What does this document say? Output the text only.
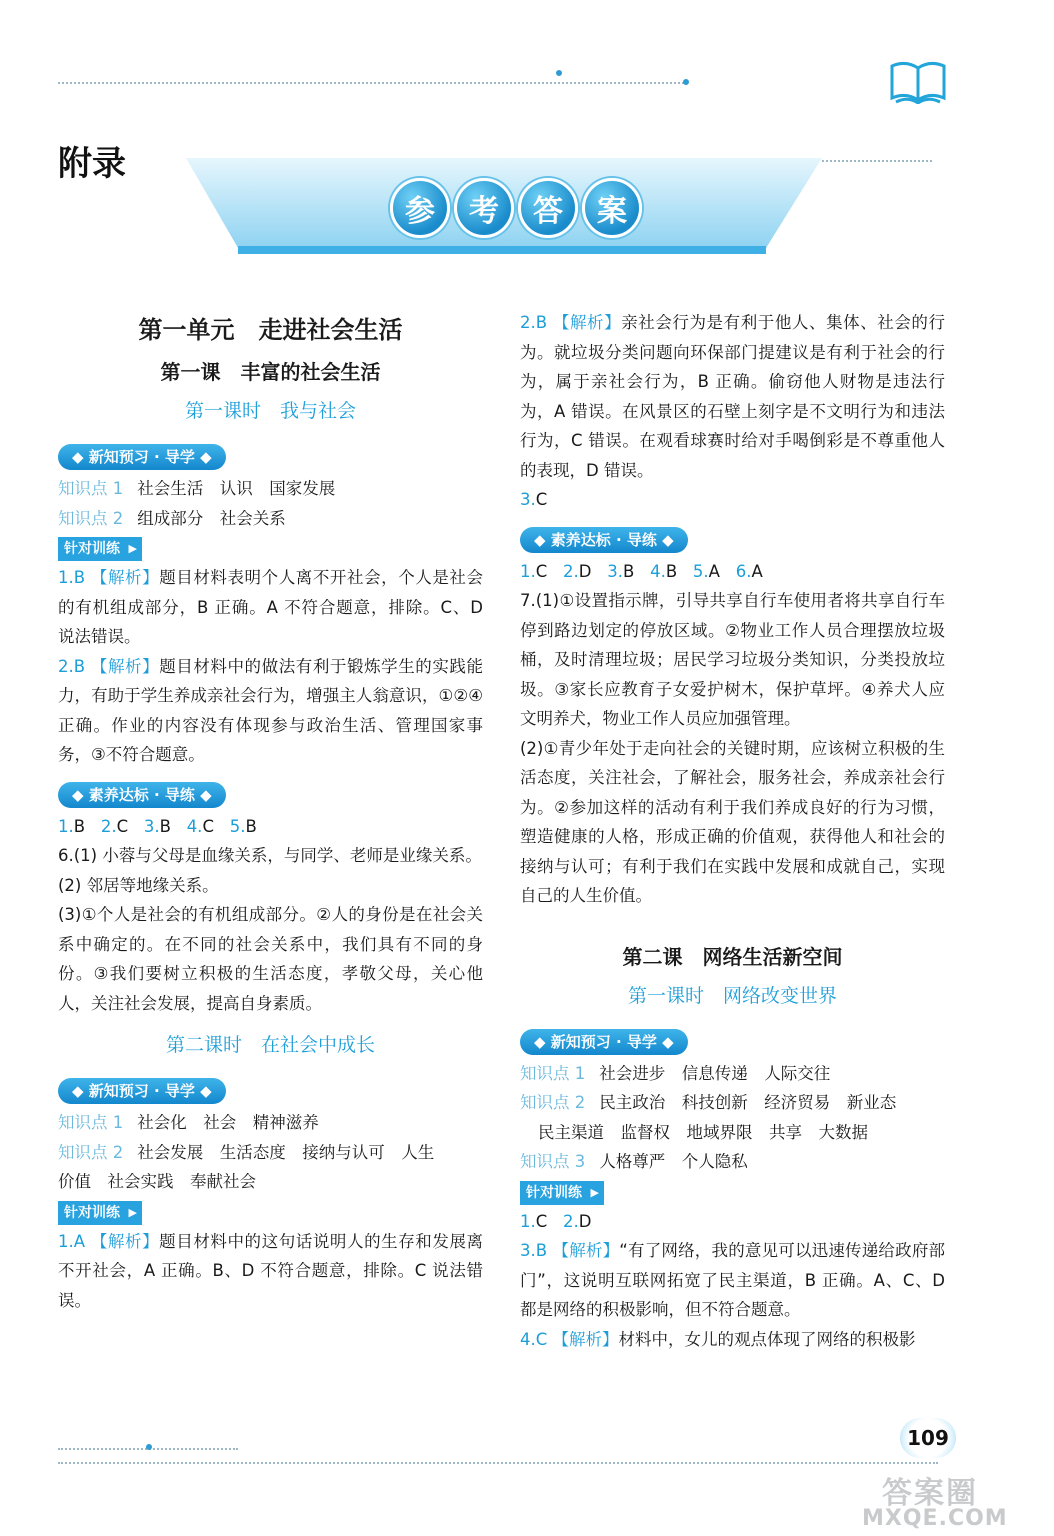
附录
参	考	答	案
第一单元　走进社会生活
第一课　丰富的社会生活
第一课时　我与社会
◆ 新知预习 · 导学 ◆
知识点 1 社会生活　认识　国家发展
知识点 2 组成部分　社会关系
针对训练 ▶
1.B 【解析】题目材料表明个人离不开社会，个人是社会的有机组成部分，B 正确。A 不符合题意，排除。C、D 说法错误。
2.B 【解析】题目材料中的做法有利于锻炼学生的实践能力，有助于学生养成亲社会行为，增强主人翁意识，①②④正确。作业的内容没有体现参与政治生活、管理国家事务，③不符合题意。
◆ 素养达标 · 导练 ◆
1.B 2.C 3.B 4.C 5.B
6.(1) 小蓉与父母是血缘关系，与同学、老师是业缘关系。
(2) 邻居等地缘关系。
(3)①个人是社会的有机组成部分。②人的身份是在社会关系中确定的。在不同的社会关系中，我们具有不同的身份。③我们要树立积极的生活态度，孝敬父母，关心他人，关注社会发展，提高自身素质。
第二课时　在社会中成长
◆ 新知预习 · 导学 ◆
知识点 1 社会化　社会　精神滋养
知识点 2 社会发展　生活态度　接纳与认可　人生
价值　社会实践　奉献社会
针对训练 ▶
1.A 【解析】题目材料中的这句话说明人的生存和发展离不开社会，A 正确。B、D 不符合题意，排除。C 说法错误。
2.B 【解析】亲社会行为是有利于他人、集体、社会的行为。就垃圾分类问题向环保部门提建议是有利于社会的行为，属于亲社会行为，B 正确。偷窃他人财物是违法行为，A 错误。在风景区的石壁上刻字是不文明行为和违法行为，C 错误。在观看球赛时给对手喝倒彩是不尊重他人的表现，D 错误。
3.C
◆ 素养达标 · 导练 ◆
1.C 2.D 3.B 4.B 5.A 6.A
7.(1)①设置指示牌，引导共享自行车使用者将共享自行车停到路边划定的停放区域。②物业工作人员合理摆放垃圾桶，及时清理垃圾；居民学习垃圾分类知识，分类投放垃圾。③家长应教育子女爱护树木，保护草坪。④养犬人应文明养犬，物业工作人员应加强管理。
(2)①青少年处于走向社会的关键时期，应该树立积极的生活态度，关注社会，了解社会，服务社会，养成亲社会行为。②参加这样的活动有利于我们养成良好的行为习惯，塑造健康的人格，形成正确的价值观，获得他人和社会的接纳与认可；有利于我们在实践中发展和成就自己，实现自己的人生价值。
第二课　网络生活新空间
第一课时　网络改变世界
◆ 新知预习 · 导学 ◆
知识点 1 社会进步　信息传递　人际交往
知识点 2 民主政治　科技创新　经济贸易　新业态
民主渠道　监督权　地域界限　共享　大数据
知识点 3 人格尊严　个人隐私
针对训练 ▶
1.C 2.D
3.B 【解析】“有了网络，我的意见可以迅速传递给政府部门”，这说明互联网拓宽了民主渠道，B 正确。A、C、D 都是网络的积极影响，但不符合题意。
4.C 【解析】材料中，女儿的观点体现了网络的积极影
109
答案圈
MXQE.COM
